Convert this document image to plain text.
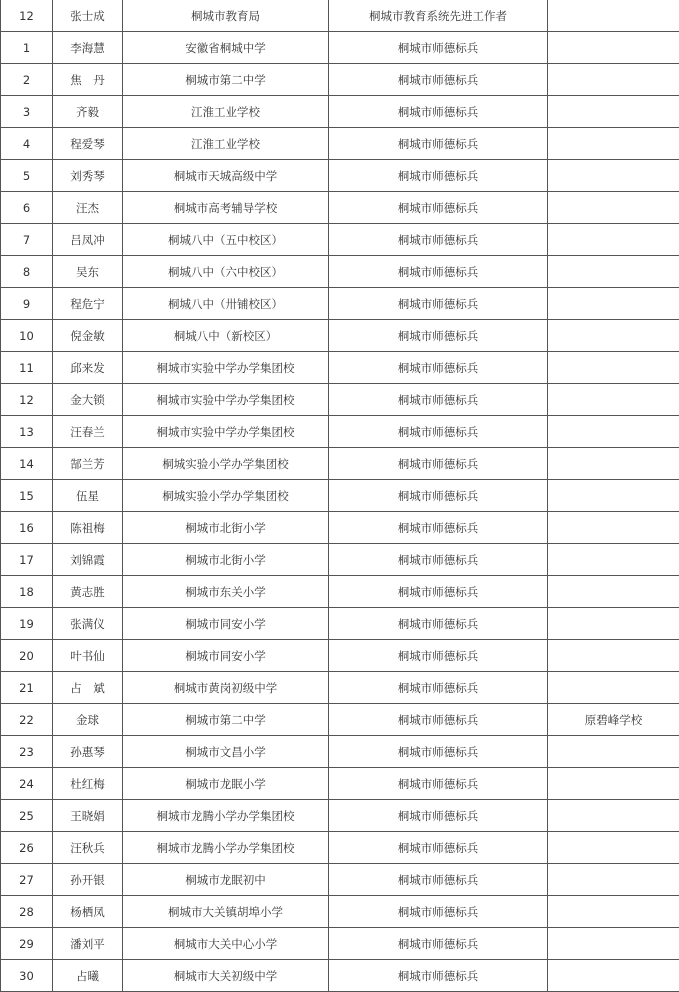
12	张士成	桐城市教育局	桐城市教育系统先进工作者	
1	李海慧	安徽省桐城中学	桐城市师德标兵	
2	焦　丹	桐城市第二中学	桐城市师德标兵	
3	齐毅	江淮工业学校	桐城市师德标兵	
4	程爱琴	江淮工业学校	桐城市师德标兵	
5	刘秀琴	桐城市天城高级中学	桐城市师德标兵	
6	汪杰	桐城市高考辅导学校	桐城市师德标兵	
7	吕凤冲	桐城八中（五中校区）	桐城市师德标兵	
8	吴东	桐城八中（六中校区）	桐城市师德标兵	
9	程危宁	桐城八中（卅铺校区）	桐城市师德标兵	
10	倪金敏	桐城八中（新校区）	桐城市师德标兵	
11	邱来发	桐城市实验中学办学集团校	桐城市师德标兵	
12	金大锁	桐城市实验中学办学集团校	桐城市师德标兵	
13	汪春兰	桐城市实验中学办学集团校	桐城市师德标兵	
14	郜兰芳	桐城实验小学办学集团校	桐城市师德标兵	
15	伍星	桐城实验小学办学集团校	桐城市师德标兵	
16	陈祖梅	桐城市北街小学	桐城市师德标兵	
17	刘锦霞	桐城市北街小学	桐城市师德标兵	
18	黄志胜	桐城市东关小学	桐城市师德标兵	
19	张满仪	桐城市同安小学	桐城市师德标兵	
20	叶书仙	桐城市同安小学	桐城市师德标兵	
21	占　斌	桐城市黄岗初级中学	桐城市师德标兵	
22	金球	桐城市第二中学	桐城市师德标兵	原碧峰学校
23	孙惠琴	桐城市文昌小学	桐城市师德标兵	
24	杜红梅	桐城市龙眠小学	桐城市师德标兵	
25	王晓娟	桐城市龙腾小学办学集团校	桐城市师德标兵	
26	汪秋兵	桐城市龙腾小学办学集团校	桐城市师德标兵	
27	孙开银	桐城市龙眠初中	桐城市师德标兵	
28	杨栖凤	桐城市大关镇胡埠小学	桐城市师德标兵	
29	潘刘平	桐城市大关中心小学	桐城市师德标兵	
30	占曦	桐城市大关初级中学	桐城市师德标兵	
